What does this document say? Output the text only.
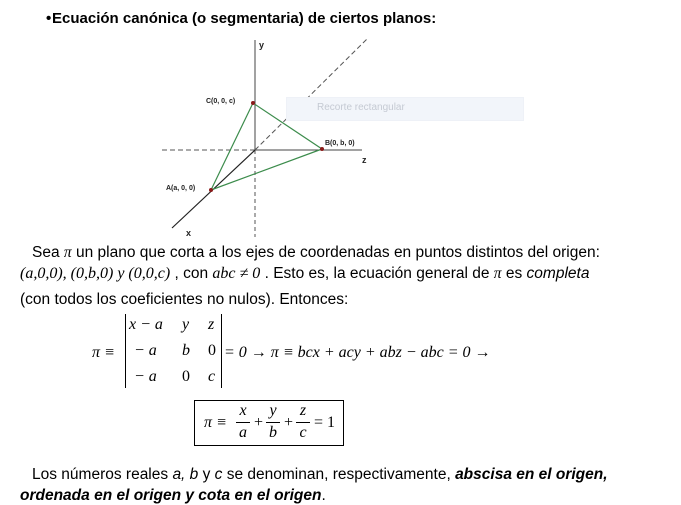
• Ecuación canónica (o segmentaria) de ciertos planos:
Recorte rectangular
y
z
x
C(0, 0, c)
B(0, b, 0)
A(a, 0, 0)
Sea π un plano que corta a los ejes de coordenadas en puntos distintos del origen:
(a,0,0), (0,b,0) y (0,0,c) , con abc ≠ 0 . Esto es, la ecuación general de π es completa
(con todos los coeficientes no nulos). Entonces:
π ≡
x − a y z
− a b 0
− a 0 c
= 0 → π ≡ bcx + acy + abz − abc = 0 →
π ≡
x
a
+
y
b
+
z
c
= 1
Los números reales a, b y c se denominan, respectivamente, abscisa en el origen,
ordenada en el origen y cota en el origen.
